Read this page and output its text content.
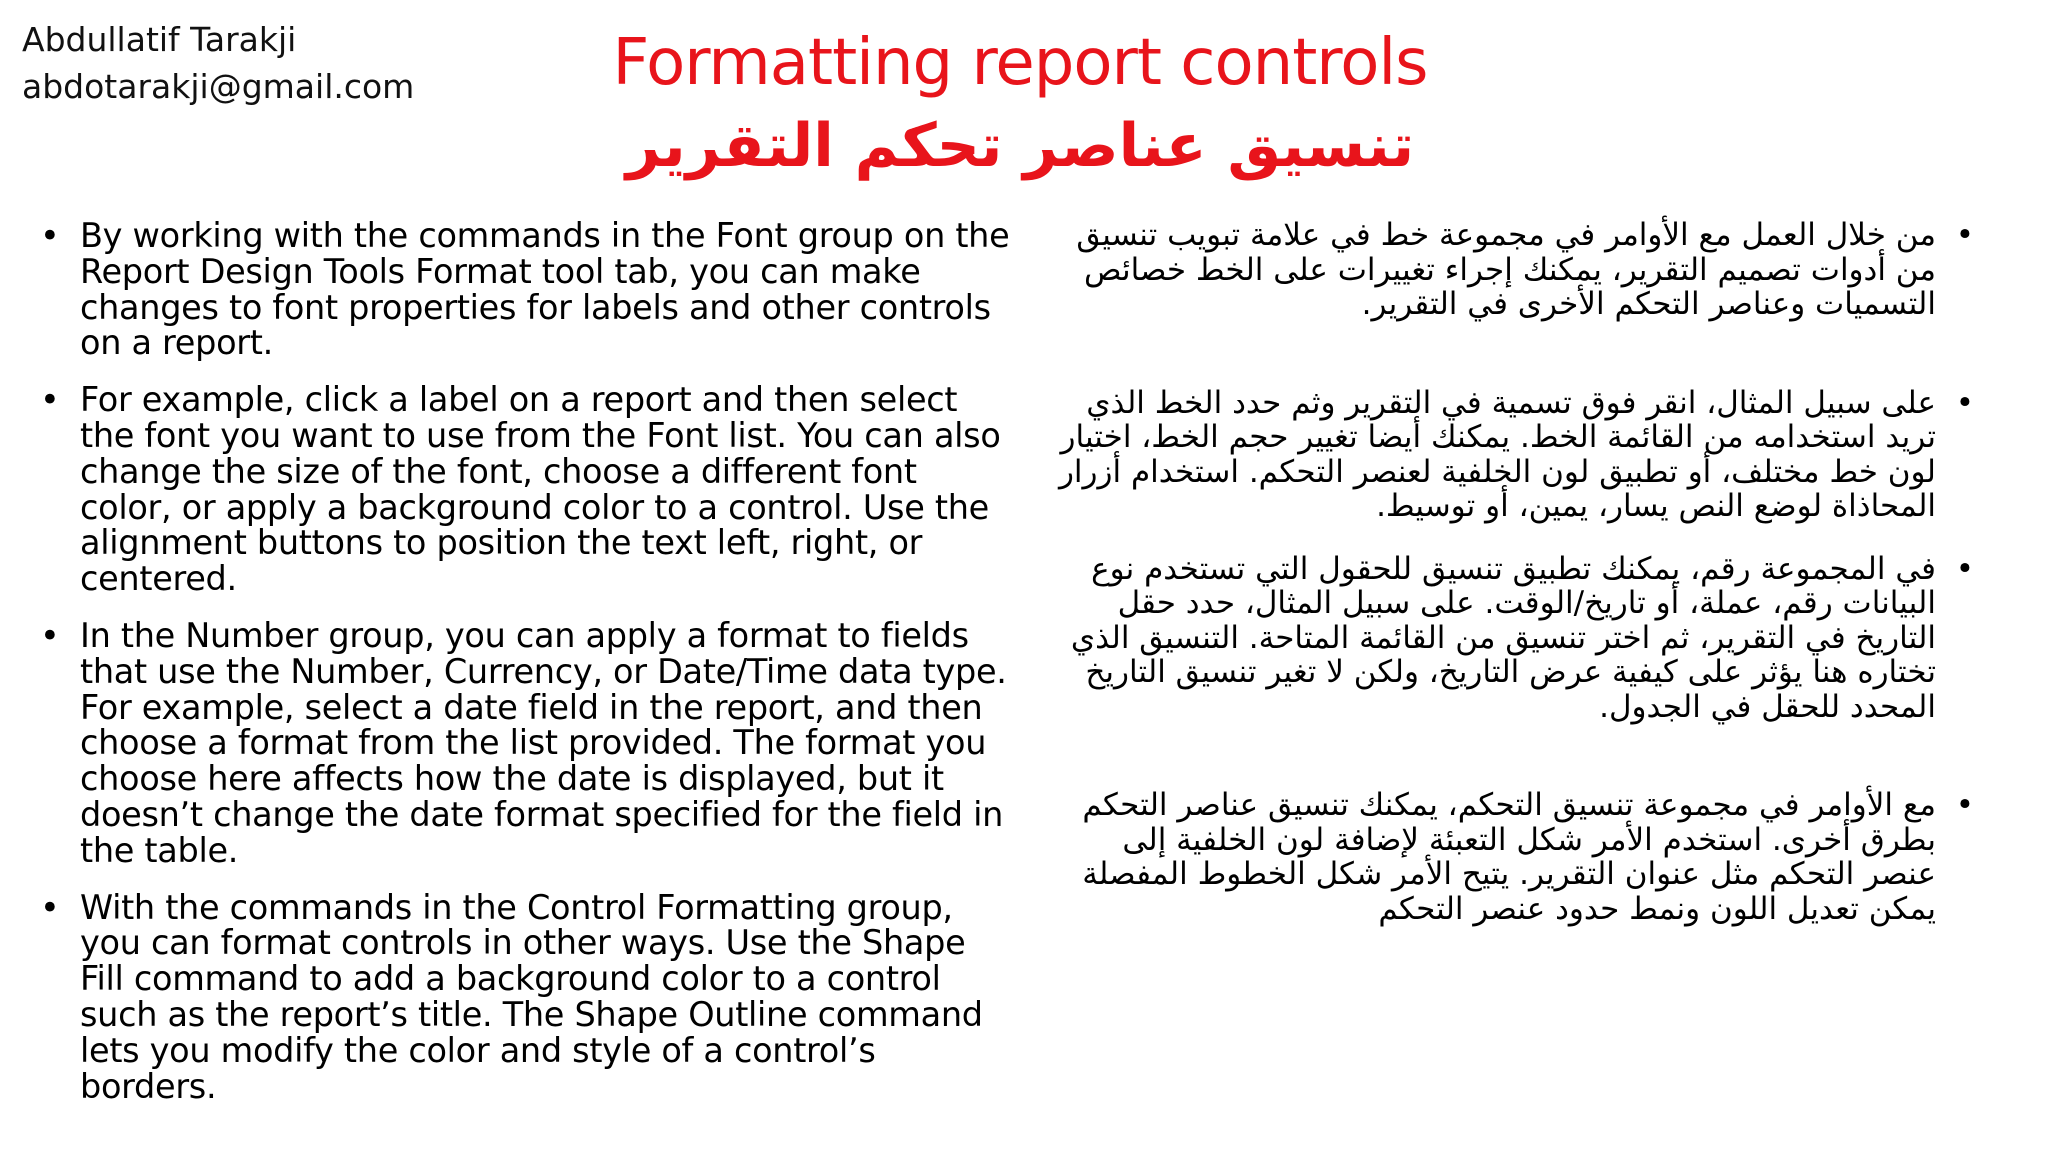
Abdullatif Tarakji
abdotarakji@gmail.com	Formatting report controls
تنسيق عناصر تحكم التقرير
• By working with the commands in the Font group on the Report Design Tools Format tool tab, you can make changes to font properties for labels and other controls on a report.
• For example, click a label on a report and then select the font you want to use from the Font list. You can also change the size of the font, choose a different font color, or apply a background color to a control. Use the alignment buttons to position the text left, right, or centered.
• In the Number group, you can apply a format to fields that use the Number, Currency, or Date/Time data type. For example, select a date field in the report, and then choose a format from the list provided. The format you choose here affects how the date is displayed, but it doesn’t change the date format specified for the field in the table.
• With the commands in the Control Formatting group, you can format controls in other ways. Use the Shape Fill command to add a background color to a control such as the report’s title. The Shape Outline command lets you modify the color and style of a control’s borders.
•
من خلال العمل مع الأوامر في مجموعة خط في علامة تبويب تنسيق من أدوات تصميم التقرير، يمكنك إجراء تغييرات على الخط خصائص التسميات وعناصر التحكم الأخرى في التقرير.
•
على سبيل المثال، انقر فوق تسمية في التقرير وثم حدد الخط الذي تريد استخدامه من القائمة الخط. يمكنك أيضا تغيير حجم الخط، اختيار لون خط مختلف، أو تطبيق لون الخلفية لعنصر التحكم. استخدام أزرار المحاذاة لوضع النص يسار، يمين، أو توسيط.
•
في المجموعة رقم، يمكنك تطبيق تنسيق للحقول التي تستخدم نوع البيانات رقم، عملة، أو تاريخ/الوقت. على سبيل المثال، حدد حقل التاريخ في التقرير، ثم اختر تنسيق من القائمة المتاحة. التنسيق الذي تختاره هنا يؤثر على كيفية عرض التاريخ، ولكن لا تغير تنسيق التاريخ المحدد للحقل في الجدول.
•
مع الأوامر في مجموعة تنسيق التحكم، يمكنك تنسيق عناصر التحكم بطرق أخرى. استخدم الأمر شكل التعبئة لإضافة لون الخلفية إلى عنصر التحكم مثل عنوان التقرير. يتيح الأمر شكل الخطوط المفصلة يمكن تعديل اللون ونمط حدود عنصر التحكم
